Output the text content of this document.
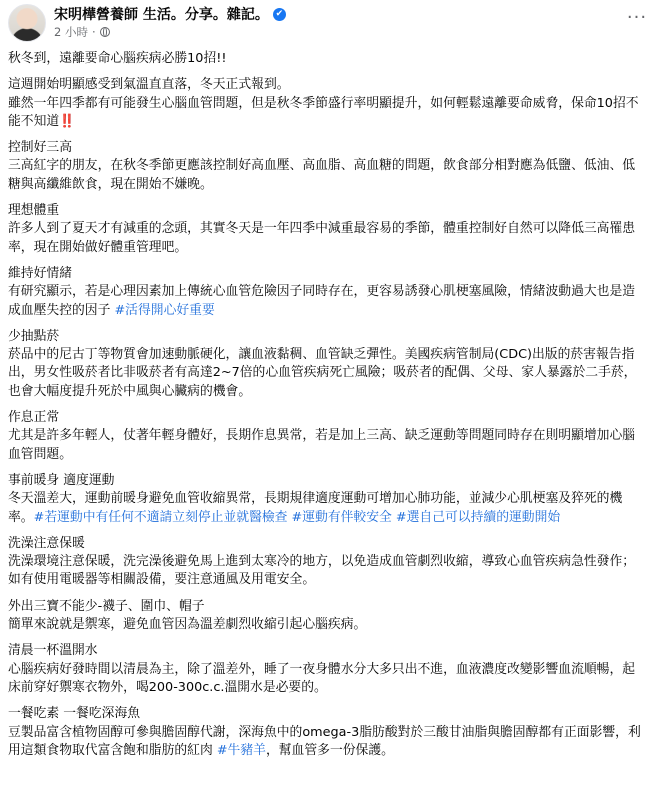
宋明樺營養師 生活。分享。雜記。 ✔
2 小時 ·
···

秋冬到，遠離要命心腦疾病必勝10招!!

這週開始明顯感受到氣溫直直落，冬天正式報到。

雖然一年四季都有可能發生心腦血管問題，但是秋冬季節盛行率明顯提升，如何輕鬆遠離要命威脅，保命10招不能不知道‼️

控制好三高

三高紅字的朋友，在秋冬季節更應該控制好高血壓、高血脂、高血糖的問題，飲食部分相對應為低鹽、低油、低糖與高纖維飲食，現在開始不嫌晚。

理想體重

許多人到了夏天才有減重的念頭，其實冬天是一年四季中減重最容易的季節，體重控制好自然可以降低三高罹患率，現在開始做好體重管理吧。

維持好情緒

有研究顯示，若是心理因素加上傳統心血管危險因子同時存在，更容易誘發心肌梗塞風險，情緒波動過大也是造成血壓失控的因子 #活得開心好重要

少抽點菸

菸品中的尼古丁等物質會加速動脈硬化，讓血液黏稠、血管缺乏彈性。美國疾病管制局(CDC)出版的菸害報告指出，男女性吸菸者比非吸菸者有高達2~7倍的心血管疾病死亡風險；吸菸者的配偶、父母、家人暴露於二手菸，也會大幅度提升死於中風與心臟病的機會。

作息正常

尤其是許多年輕人，仗著年輕身體好，長期作息異常，若是加上三高、缺乏運動等問題同時存在則明顯增加心腦血管問題。

事前暖身 適度運動

冬天溫差大，運動前暖身避免血管收縮異常，長期規律適度運動可增加心肺功能，並減少心肌梗塞及猝死的機率。#若運動中有任何不適請立刻停止並就醫檢查 #運動有伴較安全 #選自己可以持續的運動開始

洗澡注意保暖

洗澡環境注意保暖，洗完澡後避免馬上進到太寒冷的地方，以免造成血管劇烈收縮，導致心血管疾病急性發作；如有使用電暖器等相關設備，要注意通風及用電安全。

外出三寶不能少-襪子、圍巾、帽子

簡單來說就是禦寒，避免血管因為溫差劇烈收縮引起心腦疾病。

清晨一杯溫開水

心腦疾病好發時間以清晨為主，除了溫差外，睡了一夜身體水分大多只出不進，血液濃度改變影響血流順暢，起床前穿好禦寒衣物外，喝200-300c.c.溫開水是必要的。

一餐吃素 一餐吃深海魚

豆製品富含植物固醇可參與膽固醇代謝，深海魚中的omega-3脂肪酸對於三酸甘油脂與膽固醇都有正面影響，利用這類食物取代富含飽和脂肪的紅肉 #牛豬羊，幫血管多一份保護。
